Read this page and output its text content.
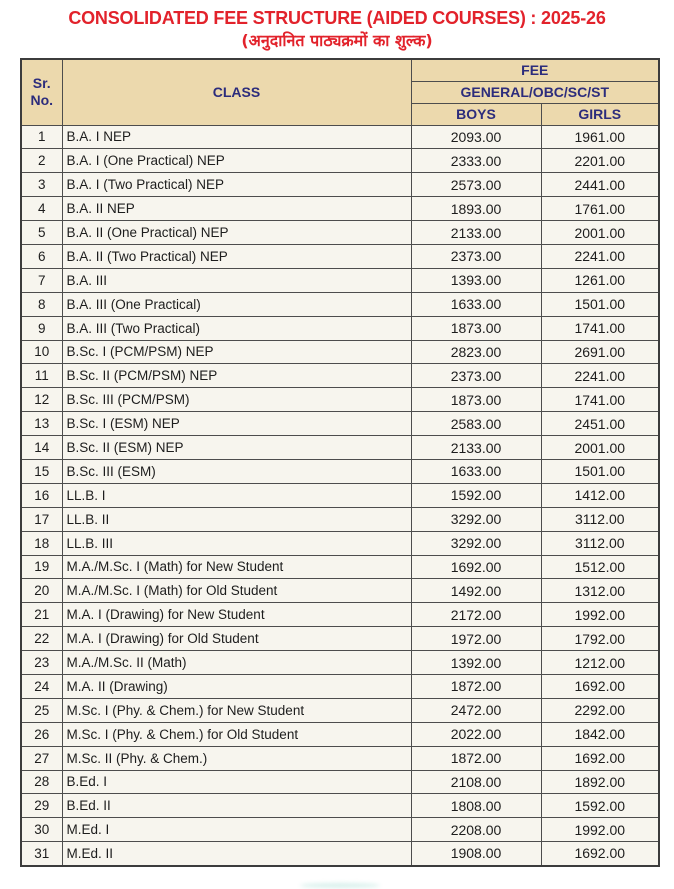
CONSOLIDATED FEE STRUCTURE (AIDED COURSES) : 2025-26
(अनुदानित पाठ्यक्रमों का शुल्क)
Sr.
No.	CLASS	FEE	
		GENERAL/OBC/SC/ST	
		BOYS	GIRLS
1	B.A. I NEP	2093.00	1961.00
2	B.A. I (One Practical) NEP	2333.00	2201.00
3	B.A. I (Two Practical) NEP	2573.00	2441.00
4	B.A. II NEP	1893.00	1761.00
5	B.A. II (One Practical) NEP	2133.00	2001.00
6	B.A. II (Two Practical) NEP	2373.00	2241.00
7	B.A. III	1393.00	1261.00
8	B.A. III (One Practical)	1633.00	1501.00
9	B.A. III (Two Practical)	1873.00	1741.00
10	B.Sc. I (PCM/PSM) NEP	2823.00	2691.00
11	B.Sc. II (PCM/PSM) NEP	2373.00	2241.00
12	B.Sc. III (PCM/PSM)	1873.00	1741.00
13	B.Sc. I (ESM) NEP	2583.00	2451.00
14	B.Sc. II (ESM) NEP	2133.00	2001.00
15	B.Sc. III (ESM)	1633.00	1501.00
16	LL.B. I	1592.00	1412.00
17	LL.B. II	3292.00	3112.00
18	LL.B. III	3292.00	3112.00
19	M.A./M.Sc. I (Math) for New Student	1692.00	1512.00
20	M.A./M.Sc. I (Math) for Old Student	1492.00	1312.00
21	M.A. I (Drawing) for New Student	2172.00	1992.00
22	M.A. I (Drawing) for Old Student	1972.00	1792.00
23	M.A./M.Sc. II (Math)	1392.00	1212.00
24	M.A. II (Drawing)	1872.00	1692.00
25	M.Sc. I (Phy. & Chem.) for New Student	2472.00	2292.00
26	M.Sc. I (Phy. & Chem.) for Old Student	2022.00	1842.00
27	M.Sc. II (Phy. & Chem.)	1872.00	1692.00
28	B.Ed. I	2108.00	1892.00
29	B.Ed. II	1808.00	1592.00
30	M.Ed. I	2208.00	1992.00
31	M.Ed. II	1908.00	1692.00
